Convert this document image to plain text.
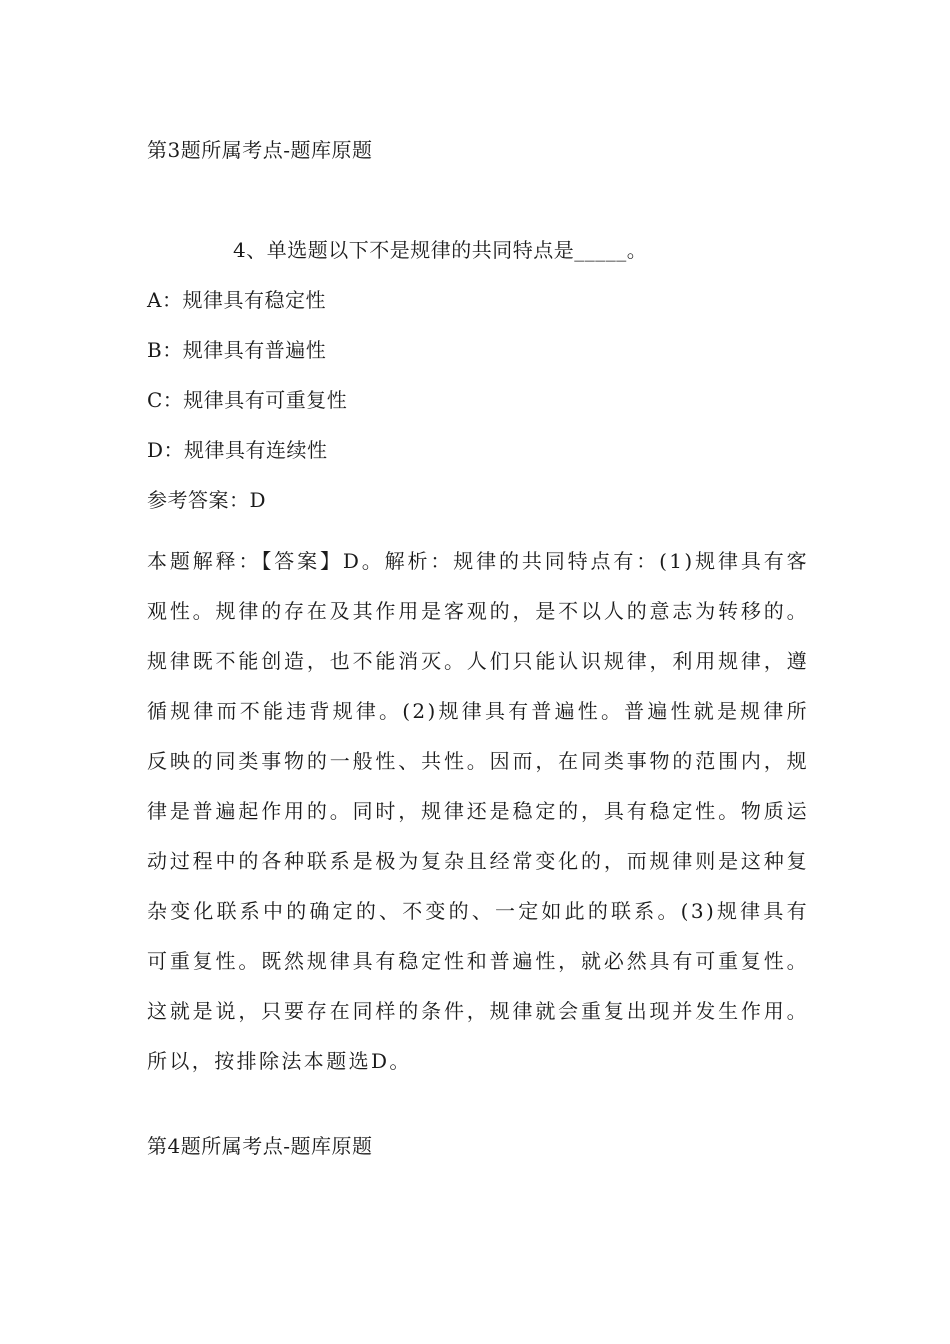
第3题所属考点-题库原题
4、单选题以下不是规律的共同特点是_____。
A：规律具有稳定性
B：规律具有普遍性
C：规律具有可重复性
D：规律具有连续性
参考答案：D
本题解释：【答案】D。解析：规律的共同特点有：(1)规律具有客观性。规律的存在及其作用是客观的，是不以人的意志为转移的。规律既不能创造，也不能消灭。人们只能认识规律，利用规律，遵循规律而不能违背规律。(2)规律具有普遍性。普遍性就是规律所反映的同类事物的一般性、共性。因而，在同类事物的范围内，规律是普遍起作用的。同时，规律还是稳定的，具有稳定性。物质运动过程中的各种联系是极为复杂且经常变化的，而规律则是这种复杂变化联系中的确定的、不变的、一定如此的联系。(3)规律具有可重复性。既然规律具有稳定性和普遍性，就必然具有可重复性。这就是说，只要存在同样的条件，规律就会重复出现并发生作用。所以，按排除法本题选D。
第4题所属考点-题库原题
